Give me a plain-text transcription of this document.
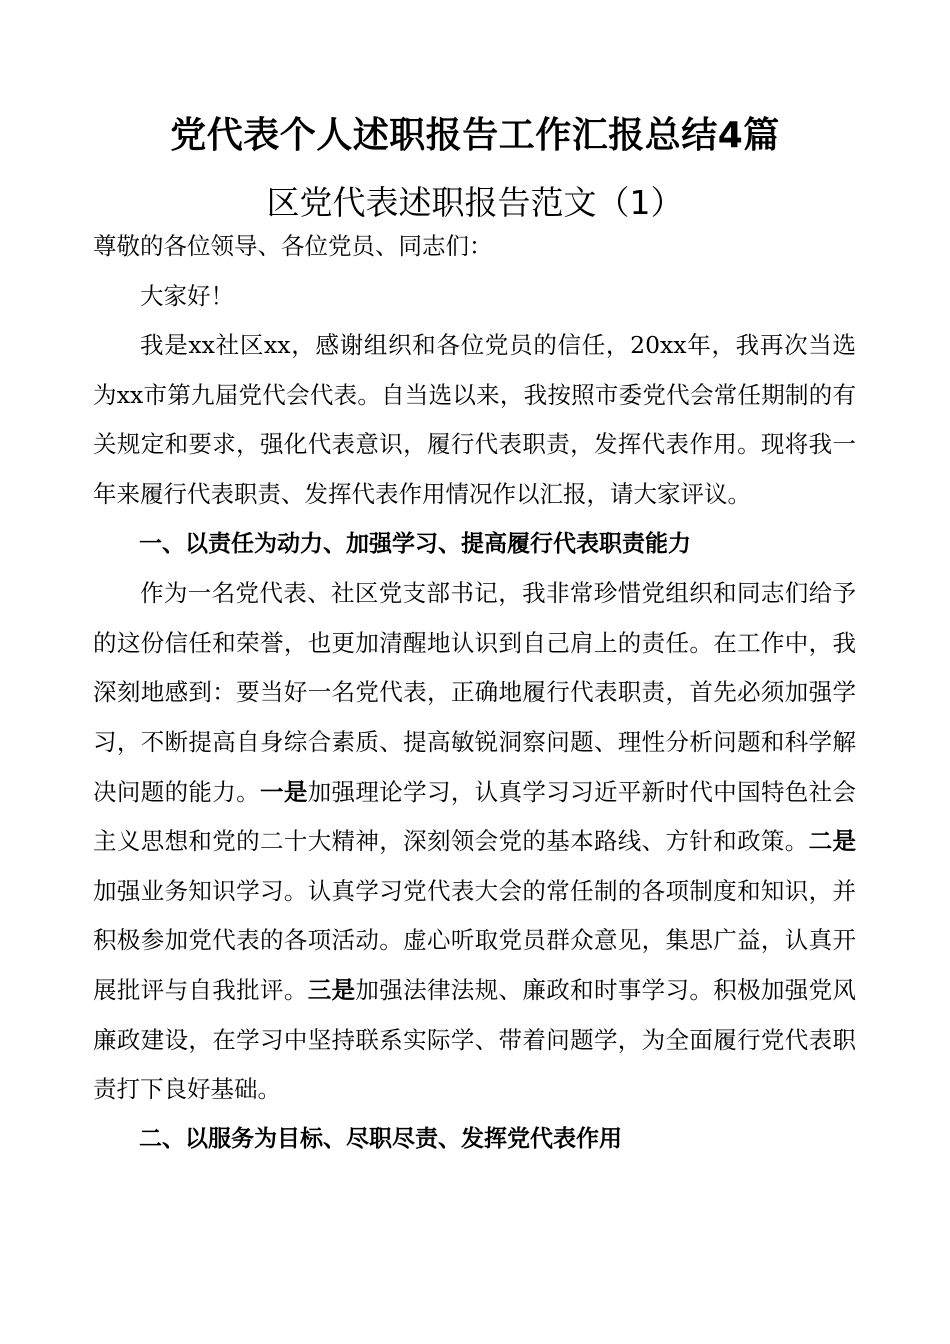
党代表个人述职报告工作汇报总结4篇
区党代表述职报告范文（1）

尊敬的各位领导、各位党员、同志们：

大家好！

我是xx社区xx，感谢组织和各位党员的信任，20xx年，我再次当选为xx市第九届党代会代表。自当选以来，我按照市委党代会常任期制的有关规定和要求，强化代表意识，履行代表职责，发挥代表作用。现将我一年来履行代表职责、发挥代表作用情况作以汇报，请大家评议。

一、以责任为动力、加强学习、提高履行代表职责能力

作为一名党代表、社区党支部书记，我非常珍惜党组织和同志们给予的这份信任和荣誉，也更加清醒地认识到自己肩上的责任。在工作中，我深刻地感到：要当好一名党代表，正确地履行代表职责，首先必须加强学习，不断提高自身综合素质、提高敏锐洞察问题、理性分析问题和科学解决问题的能力。一是加强理论学习，认真学习习近平新时代中国特色社会主义思想和党的二十大精神，深刻领会党的基本路线、方针和政策。二是加强业务知识学习。认真学习党代表大会的常任制的各项制度和知识，并积极参加党代表的各项活动。虚心听取党员群众意见，集思广益，认真开展批评与自我批评。三是加强法律法规、廉政和时事学习。积极加强党风廉政建设，在学习中坚持联系实际学、带着问题学，为全面履行党代表职责打下良好基础。

二、以服务为目标、尽职尽责、发挥党代表作用
